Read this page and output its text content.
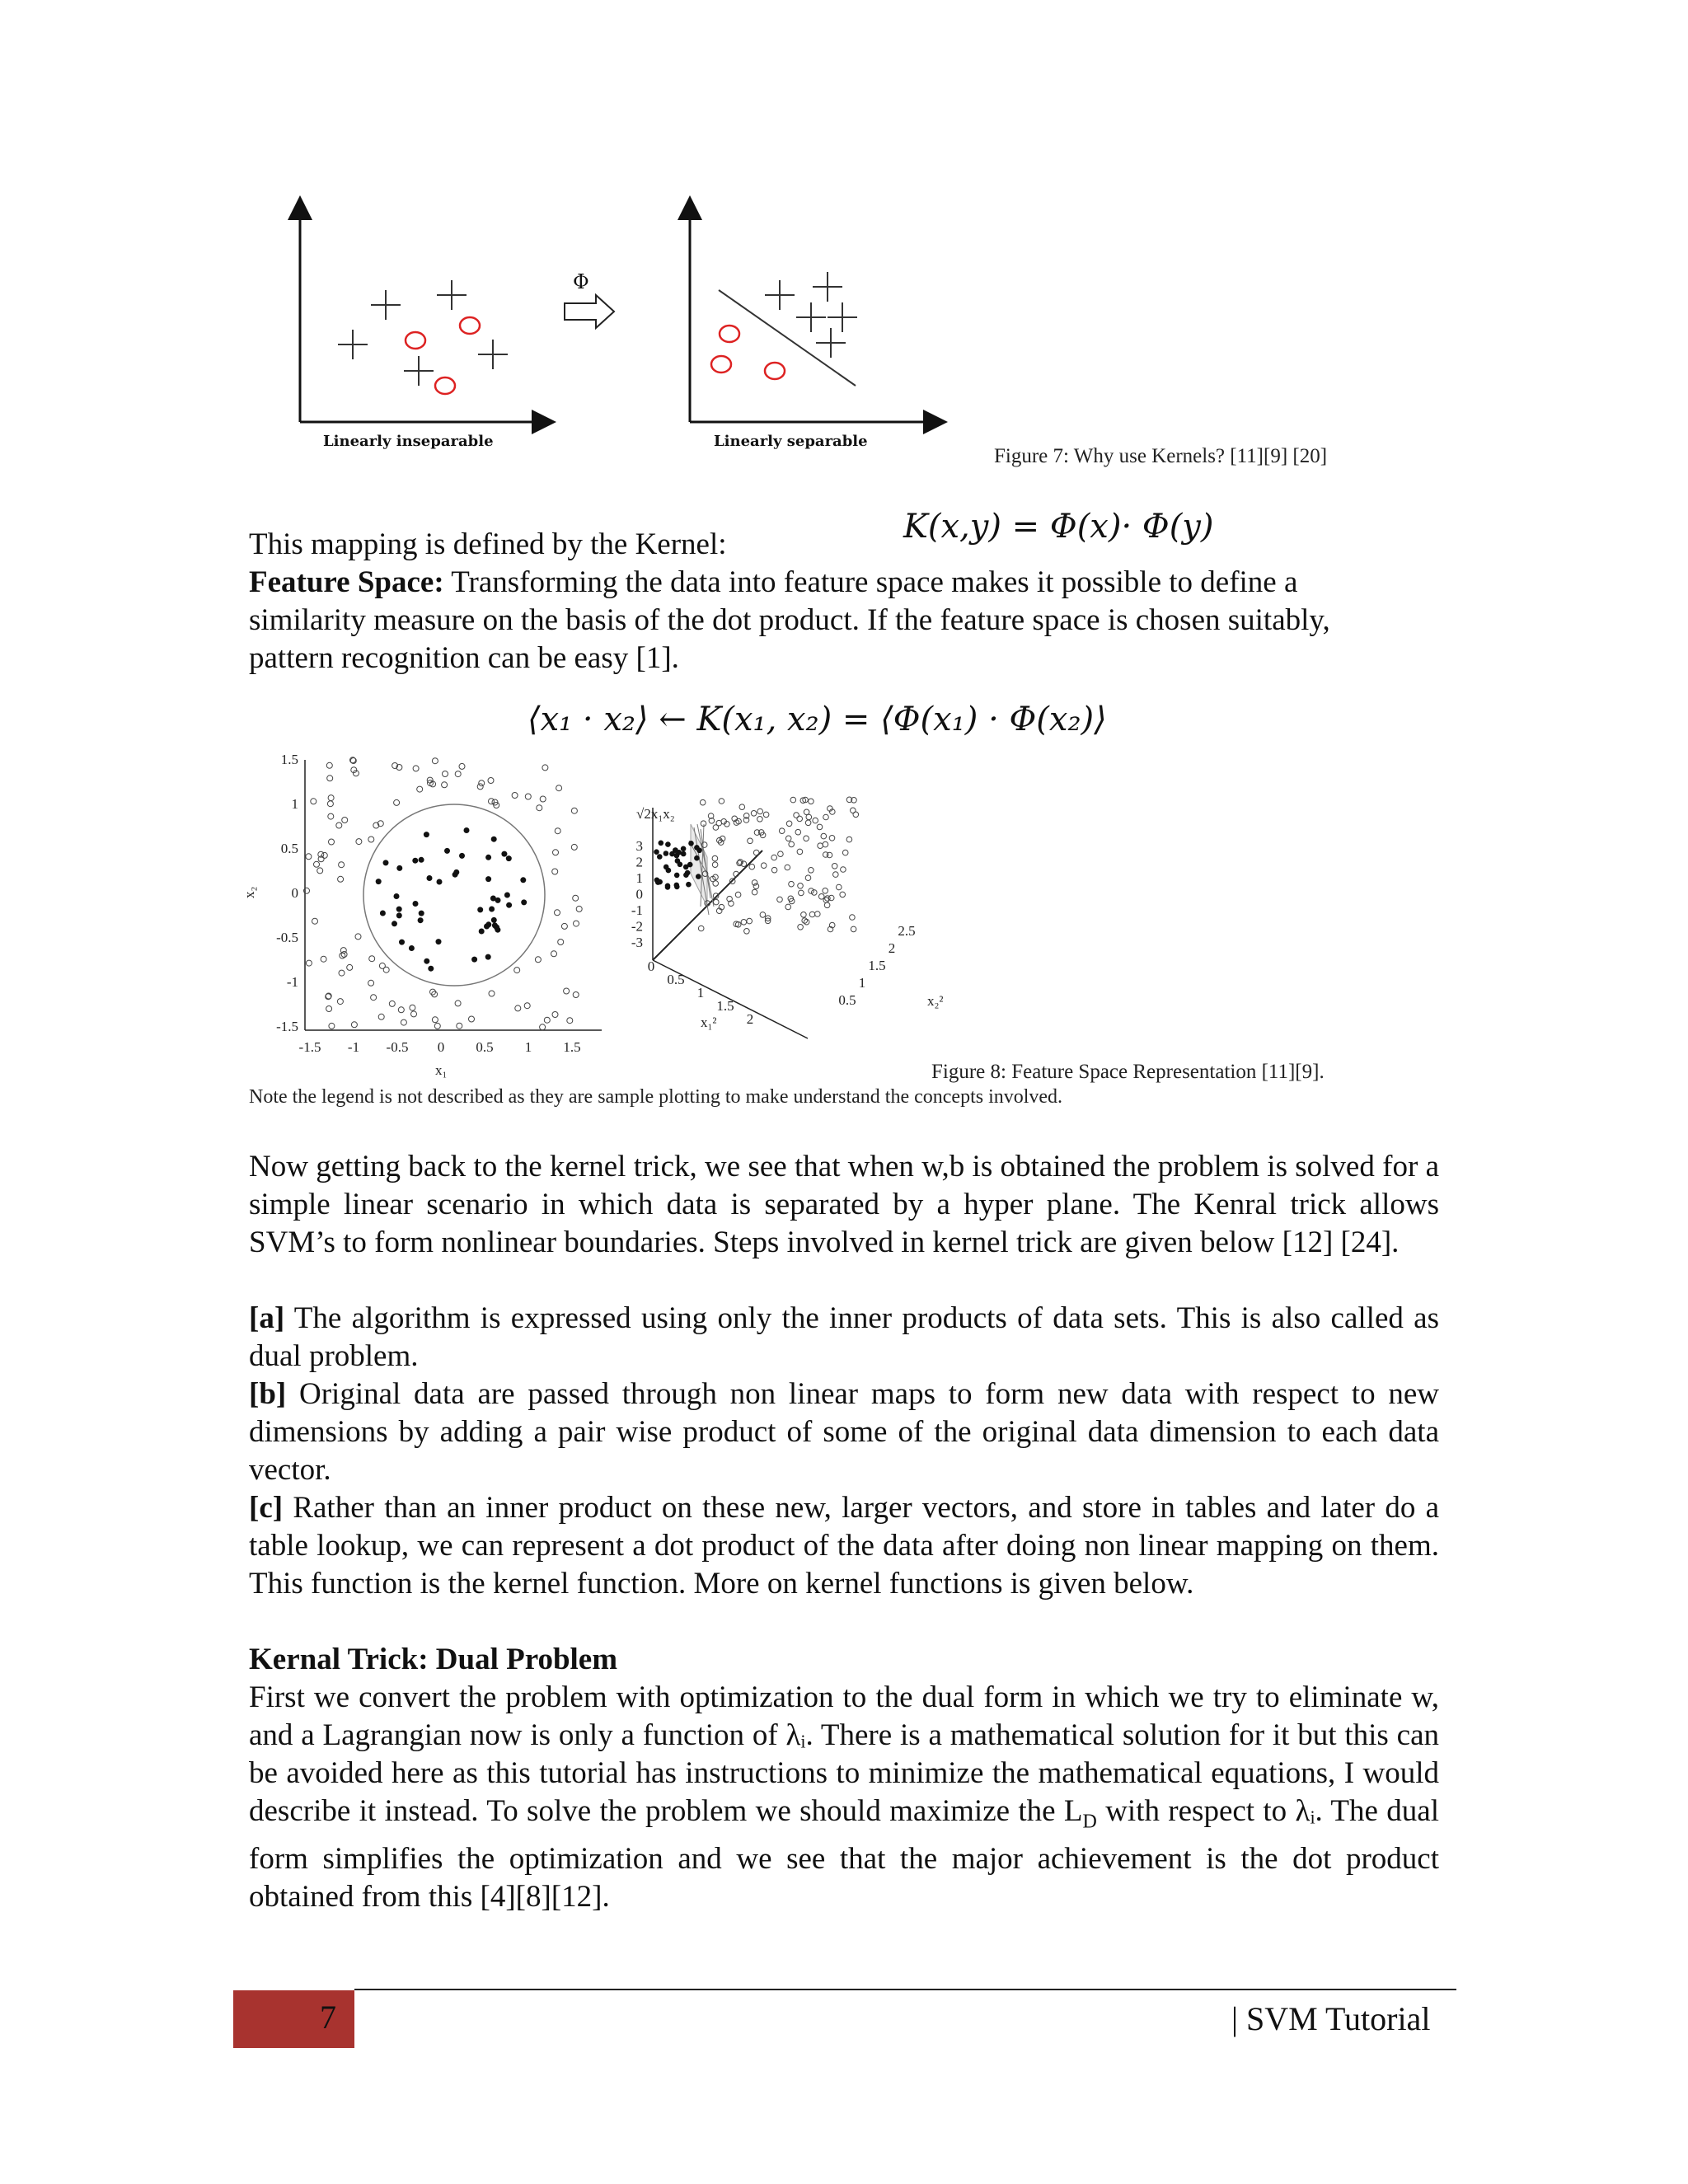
Linearly inseparable
Φ
Linearly separable
Figure 7: Why use Kernels? [11][9] [20]
This mapping is defined by the Kernel:	K(x,y) = Φ(x)· Φ(y)
Feature Space: Transforming the data into feature space makes it possible to define a
similarity measure on the basis of the dot product. If the feature space is chosen suitably,
pattern recognition can be easy [1].
⟨x₁ · x₂⟩ ← K(x₁, x₂) = ⟨Φ(x₁) · Φ(x₂)⟩
1.5
1
0.5
0
-0.5
-1
-1.5
-1.5 -1 -0.5 0 0.5 1 1.5
x₁
x₂
√2x₁x₂
3
2
1
0
-1
-2
-3
0
0.5
1
1.5
2
2.5
2
1.5
1
0.5
x₁²
x₂²
Figure 8: Feature Space Representation [11][9].
Note the legend is not described as they are sample plotting to make understand the concepts involved.
Now getting back to the kernel trick, we see that when w,b is obtained the problem is solved for a simple linear scenario in which data is separated by a hyper plane. The Kenral trick allows SVM’s to form nonlinear boundaries. Steps involved in kernel trick are given below [12] [24].
[a] The algorithm is expressed using only the inner products of data sets. This is also called as dual problem.
[b] Original data are passed through non linear maps to form new data with respect to new dimensions by adding a pair wise product of some of the original data dimension to each data vector.
[c] Rather than an inner product on these new, larger vectors, and store in tables and later do a table lookup, we can represent a dot product of the data after doing non linear mapping on them. This function is the kernel function. More on kernel functions is given below.
Kernal Trick: Dual Problem
First we convert the problem with optimization to the dual form in which we try to eliminate w, and a Lagrangian now is only a function of λᵢ. There is a mathematical solution for it but this can be avoided here as this tutorial has instructions to minimize the mathematical equations, I would describe it instead. To solve the problem we should maximize the $L_D$ with respect to λᵢ. The dual form simplifies the optimization and we see that the major achievement is the dot product obtained from this [4][8][12].
7	| SVM Tutorial
